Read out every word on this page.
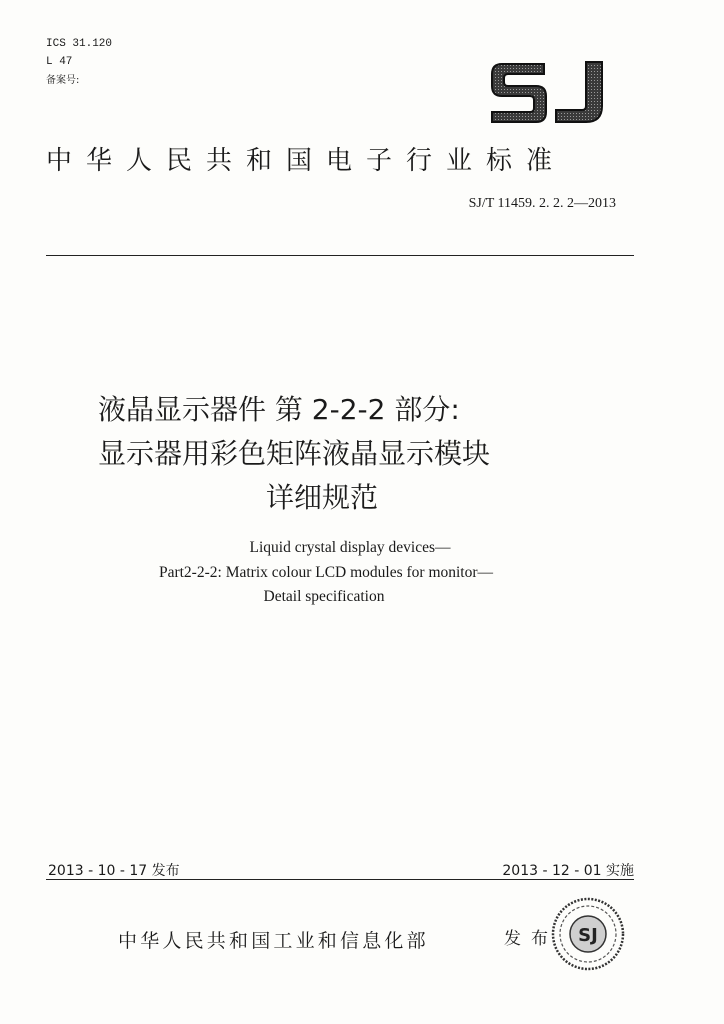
ICS 31.120
L 47
备案号:
中华人民共和国电子行业标准
SJ/T 11459. 2. 2. 2—2013
液晶显示器件 第 2-2-2 部分:
显示器用彩色矩阵液晶显示模块
详细规范
Liquid crystal display devices—
Part2-2-2: Matrix colour LCD modules for monitor—
Detail specification
2013 - 10 - 17 发布	2013 - 12 - 01 实施
中华人民共和国工业和信息化部	发布 SJ
